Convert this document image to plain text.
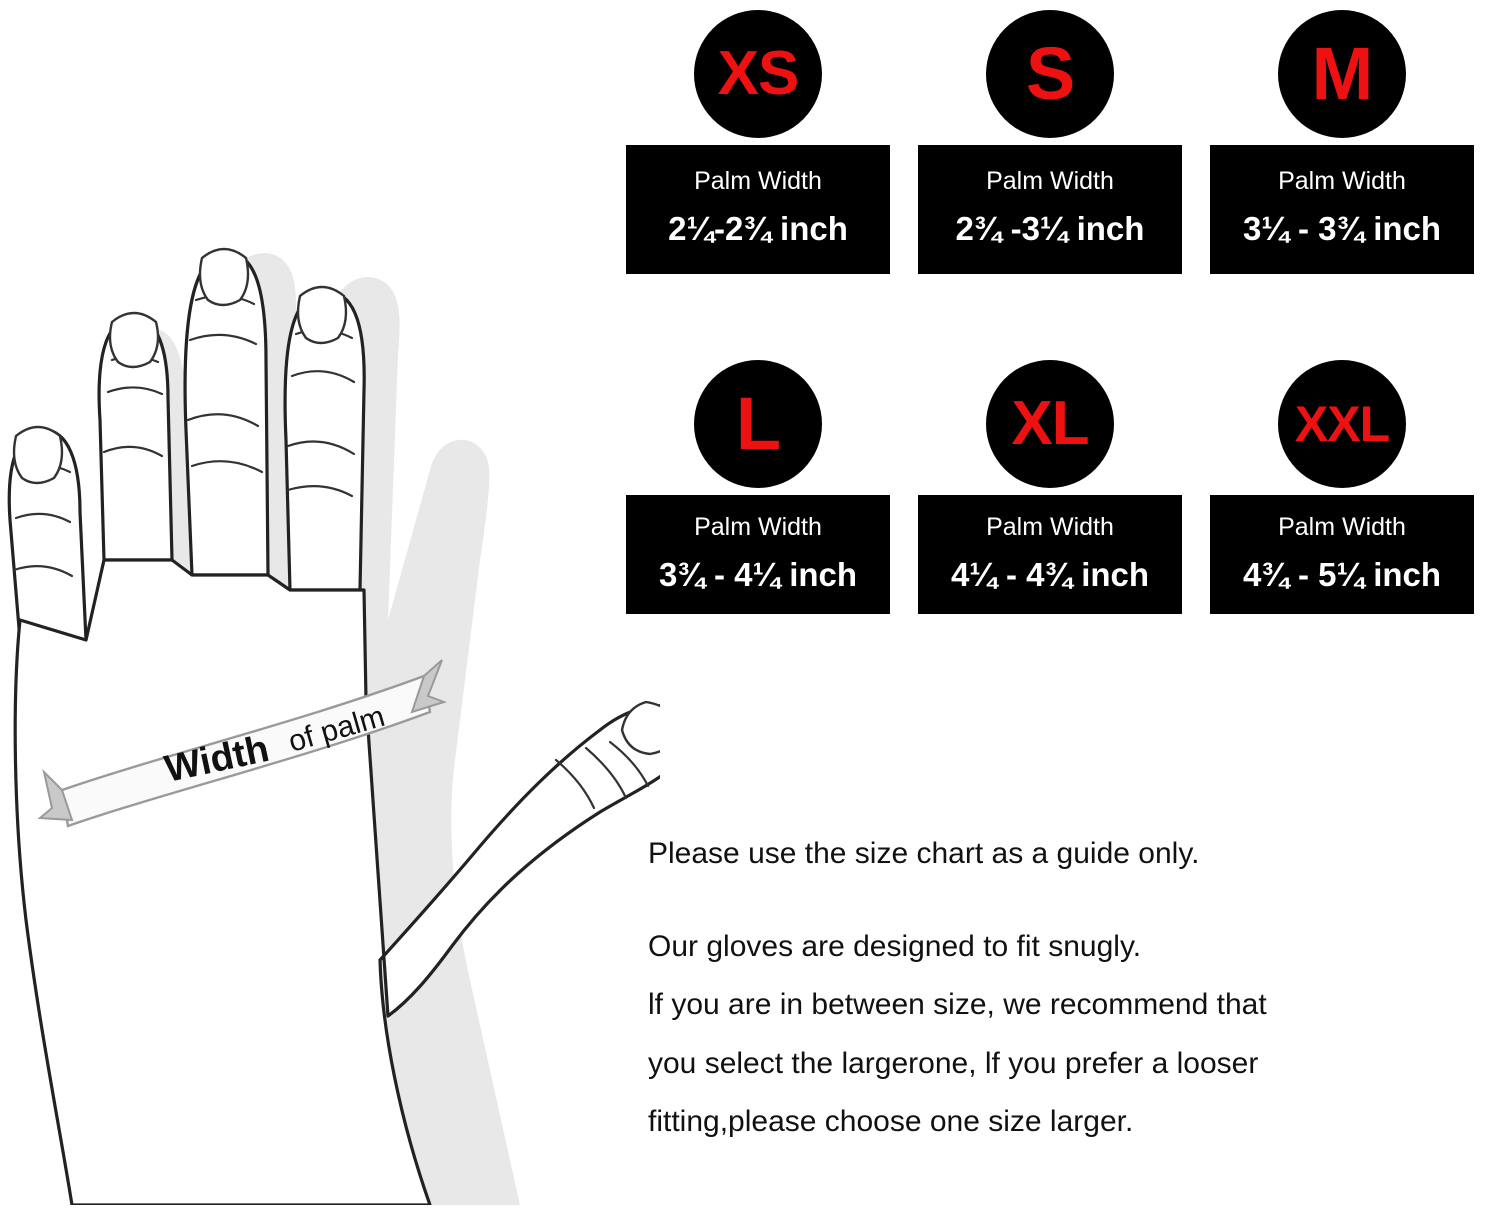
Width of palm
XS
Palm Width
2¼-2¾ inch
S
Palm Width
2¾ -3¼ inch
M
Palm Width
3¼ - 3¾ inch
L
Palm Width
3¾ - 4¼ inch
XL
Palm Width
4¼ - 4¾ inch
XXL
Palm Width
4¾ - 5¼ inch

Please use the size chart as a guide only.

Our gloves are designed to fit snugly.

lf you are in between size, we recommend that

you select the largerone, lf you prefer a looser

fitting,please choose one size larger.
